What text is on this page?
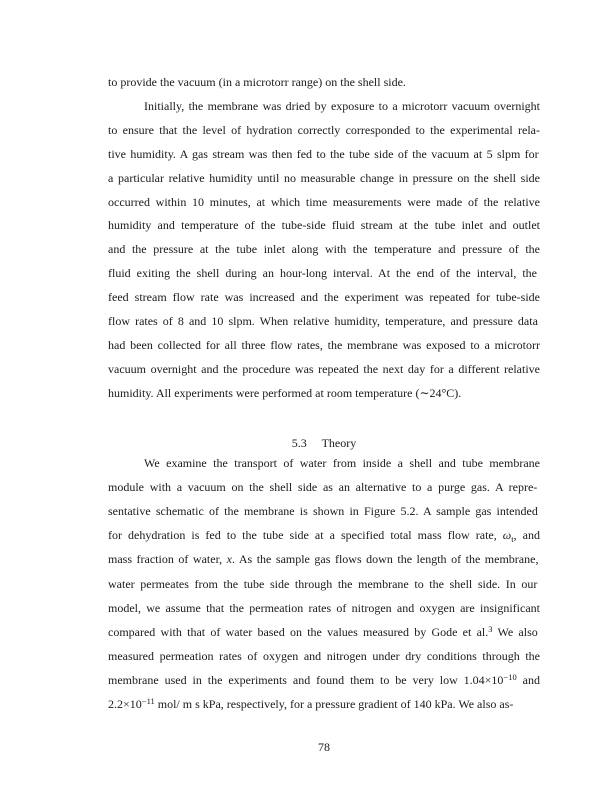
to provide the vacuum (in a microtorr range) on the shell side.
Initially, the membrane was dried by exposure to a microtorr vacuum overnight
to ensure that the level of hydration correctly corresponded to the experimental rela-
tive humidity. A gas stream was then fed to the tube side of the vacuum at 5 slpm for
a particular relative humidity until no measurable change in pressure on the shell side
occurred within 10 minutes, at which time measurements were made of the relative
humidity and temperature of the tube-side fluid stream at the tube inlet and outlet
and the pressure at the tube inlet along with the temperature and pressure of the
fluid exiting the shell during an hour-long interval. At the end of the interval, the
feed stream flow rate was increased and the experiment was repeated for tube-side
flow rates of 8 and 10 slpm. When relative humidity, temperature, and pressure data
had been collected for all three flow rates, the membrane was exposed to a microtorr
vacuum overnight and the procedure was repeated the next day for a different relative
humidity. All experiments were performed at room temperature (∼24°C).
5.3 Theory
We examine the transport of water from inside a shell and tube membrane
module with a vacuum on the shell side as an alternative to a purge gas. A repre-
sentative schematic of the membrane is shown in Figure 5.2. A sample gas intended
for dehydration is fed to the tube side at a specified total mass flow rate, $\omega_t$, and
mass fraction of water, x. As the sample gas flows down the length of the membrane,
water permeates from the tube side through the membrane to the shell side. In our
model, we assume that the permeation rates of nitrogen and oxygen are insignificant
compared with that of water based on the values measured by Gode et al.$^3$ We also
measured permeation rates of oxygen and nitrogen under dry conditions through the
membrane used in the experiments and found them to be very low $1.04\times 10^{-10}$ and
$2.2\times 10^{-11}$ mol/ m s kPa, respectively, for a pressure gradient of 140 kPa. We also as-
78
